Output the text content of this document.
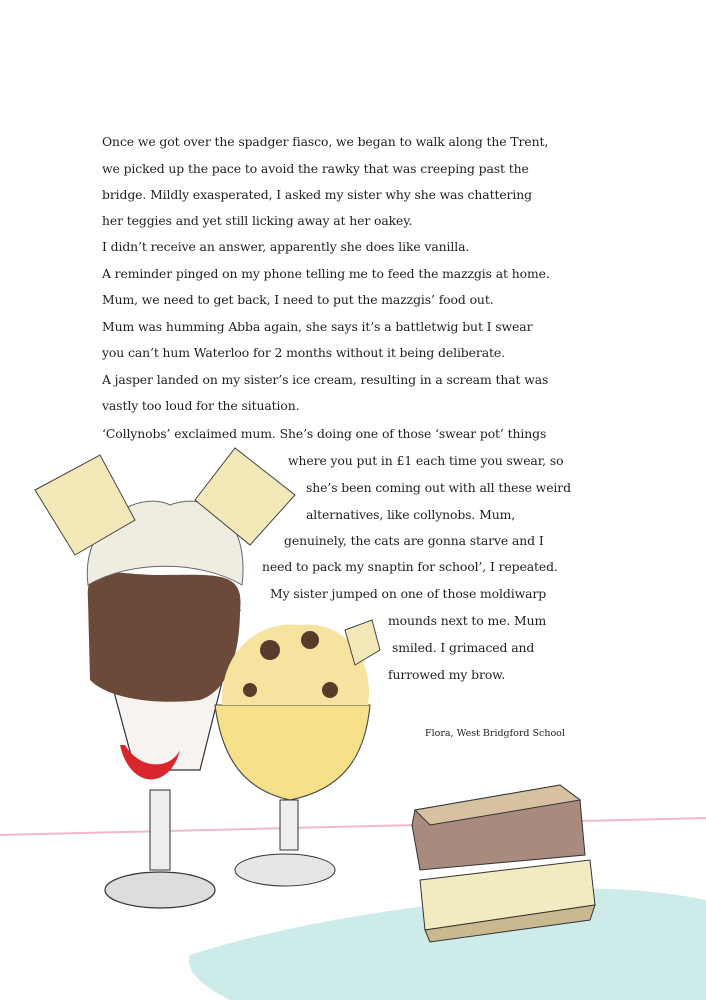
Once we got over the spadger fiasco, we began to walk along the Trent,
we picked up the pace to avoid the rawky that was creeping past the
bridge. Mildly exasperated, I asked my sister why she was chattering
her teggies and yet still licking away at her oakey.
I didn’t receive an answer, apparently she does like vanilla.
A reminder pinged on my phone telling me to feed the mazzgis at home.
Mum, we need to get back, I need to put the mazzgis’ food out.
Mum was humming Abba again, she says it’s a battletwig but I swear
you can’t hum Waterloo for 2 months without it being deliberate.
A jasper landed on my sister’s ice cream, resulting in a scream that was
vastly too loud for the situation.
‘Collynobs’ exclaimed mum. She’s doing one of those ‘swear pot’ things
where you put in £1 each time you swear, so
she’s been coming out with all these weird
alternatives, like collynobs. Mum,
genuinely, the cats are gonna starve and I
need to pack my snaptin for school’, I repeated.
My sister jumped on one of those moldiwarp
mounds next to me. Mum
smiled. I grimaced and
furrowed my brow.
Flora, West Bridgford School
